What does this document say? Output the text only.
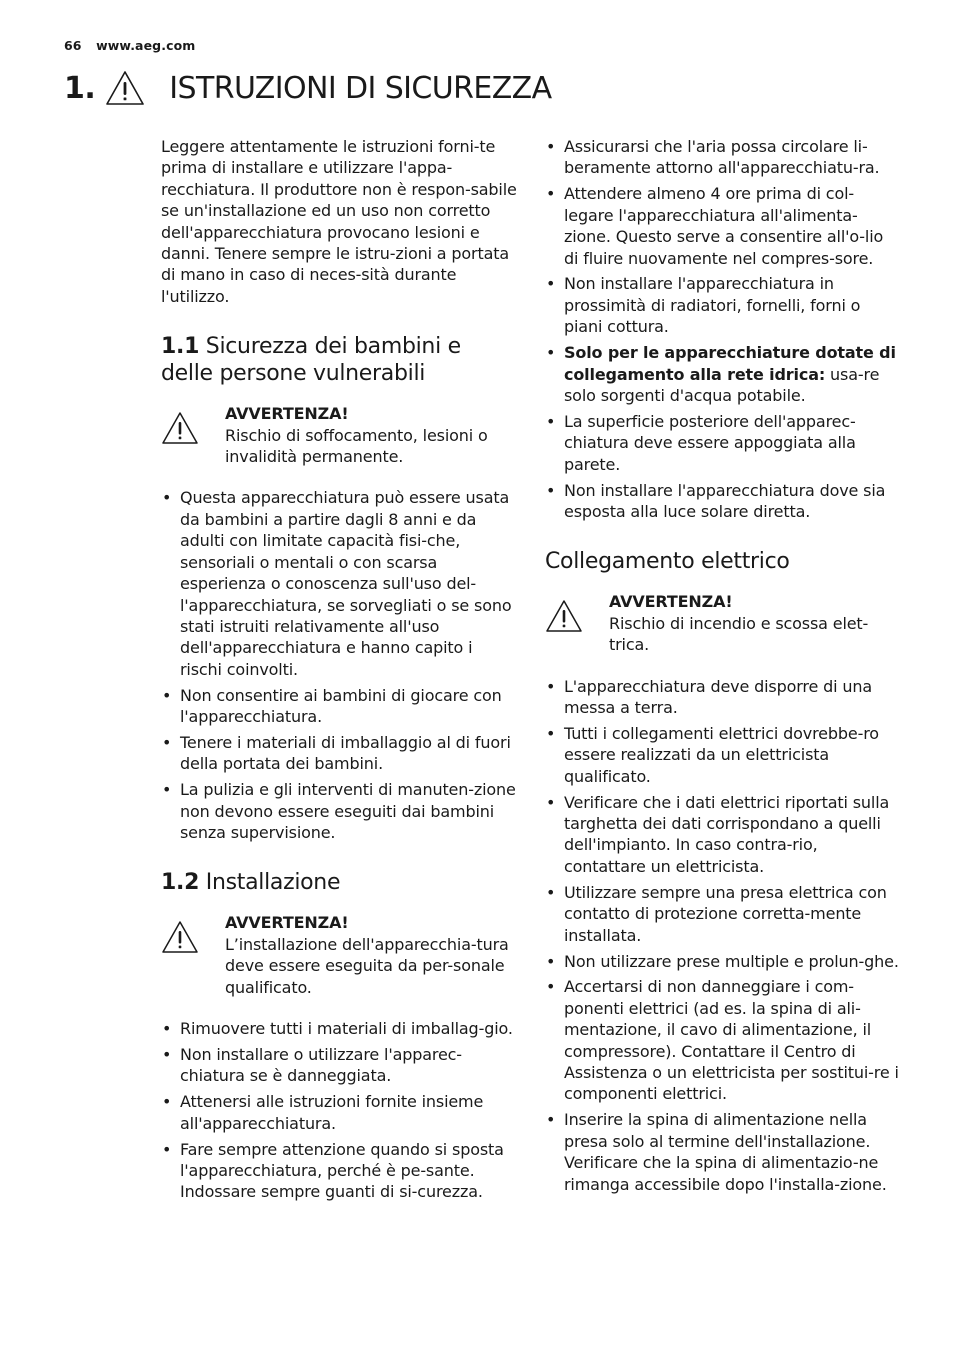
66 www.aeg.com
1. ISTRUZIONI DI SICUREZZA

Leggere attentamente le istruzioni forni-te prima di installare e utilizzare l'appa-recchiatura. Il produttore non è respon-sabile se un'installazione ed un uso non corretto dell'apparecchiatura provocano lesioni e danni. Tenere sempre le istru-zioni a portata di mano in caso di neces-sità durante l'utilizzo.

1.1 Sicurezza dei bambini e delle persone vulnerabili
AVVERTENZA!
Rischio di soffocamento, lesioni o invalidità permanente.
• Questa apparecchiatura può essere usata da bambini a partire dagli 8 anni e da adulti con limitate capacità fisi-che, sensoriali o mentali o con scarsa esperienza o conoscenza sull'uso del-l'apparecchiatura, se sorvegliati o se sono stati istruiti relativamente all'uso dell'apparecchiatura e hanno capito i rischi coinvolti.
• Non consentire ai bambini di giocare con l'apparecchiatura.
• Tenere i materiali di imballaggio al di fuori della portata dei bambini.
• La pulizia e gli interventi di manuten-zione non devono essere eseguiti dai bambini senza supervisione.
1.2 Installazione
AVVERTENZA!
L’installazione dell'apparecchia-tura deve essere eseguita da per-sonale qualificato.
• Rimuovere tutti i materiali di imballag-gio.
• Non installare o utilizzare l'apparec-chiatura se è danneggiata.
• Attenersi alle istruzioni fornite insieme all'apparecchiatura.
• Fare sempre attenzione quando si sposta l'apparecchiatura, perché è pe-sante. Indossare sempre guanti di si-curezza.
• Assicurarsi che l'aria possa circolare li-beramente attorno all'apparecchiatu-ra.
• Attendere almeno 4 ore prima di col-legare l'apparecchiatura all'alimenta-zione. Questo serve a consentire all'o-lio di fluire nuovamente nel compres-sore.
• Non installare l'apparecchiatura in prossimità di radiatori, fornelli, forni o piani cottura.
• Solo per le apparecchiature dotate di collegamento alla rete idrica: usa-re solo sorgenti d'acqua potabile.
• La superficie posteriore dell'apparec-chiatura deve essere appoggiata alla parete.
• Non installare l'apparecchiatura dove sia esposta alla luce solare diretta.
Collegamento elettrico
AVVERTENZA!
Rischio di incendio e scossa elet-trica.
• L'apparecchiatura deve disporre di una messa a terra.
• Tutti i collegamenti elettrici dovrebbe-ro essere realizzati da un elettricista qualificato.
• Verificare che i dati elettrici riportati sulla targhetta dei dati corrispondano a quelli dell'impianto. In caso contra-rio, contattare un elettricista.
• Utilizzare sempre una presa elettrica con contatto di protezione corretta-mente installata.
• Non utilizzare prese multiple e prolun-ghe.
• Accertarsi di non danneggiare i com-ponenti elettrici (ad es. la spina di ali-mentazione, il cavo di alimentazione, il compressore). Contattare il Centro di Assistenza o un elettricista per sostitui-re i componenti elettrici.
• Inserire la spina di alimentazione nella presa solo al termine dell'installazione. Verificare che la spina di alimentazio-ne rimanga accessibile dopo l'installa-zione.
